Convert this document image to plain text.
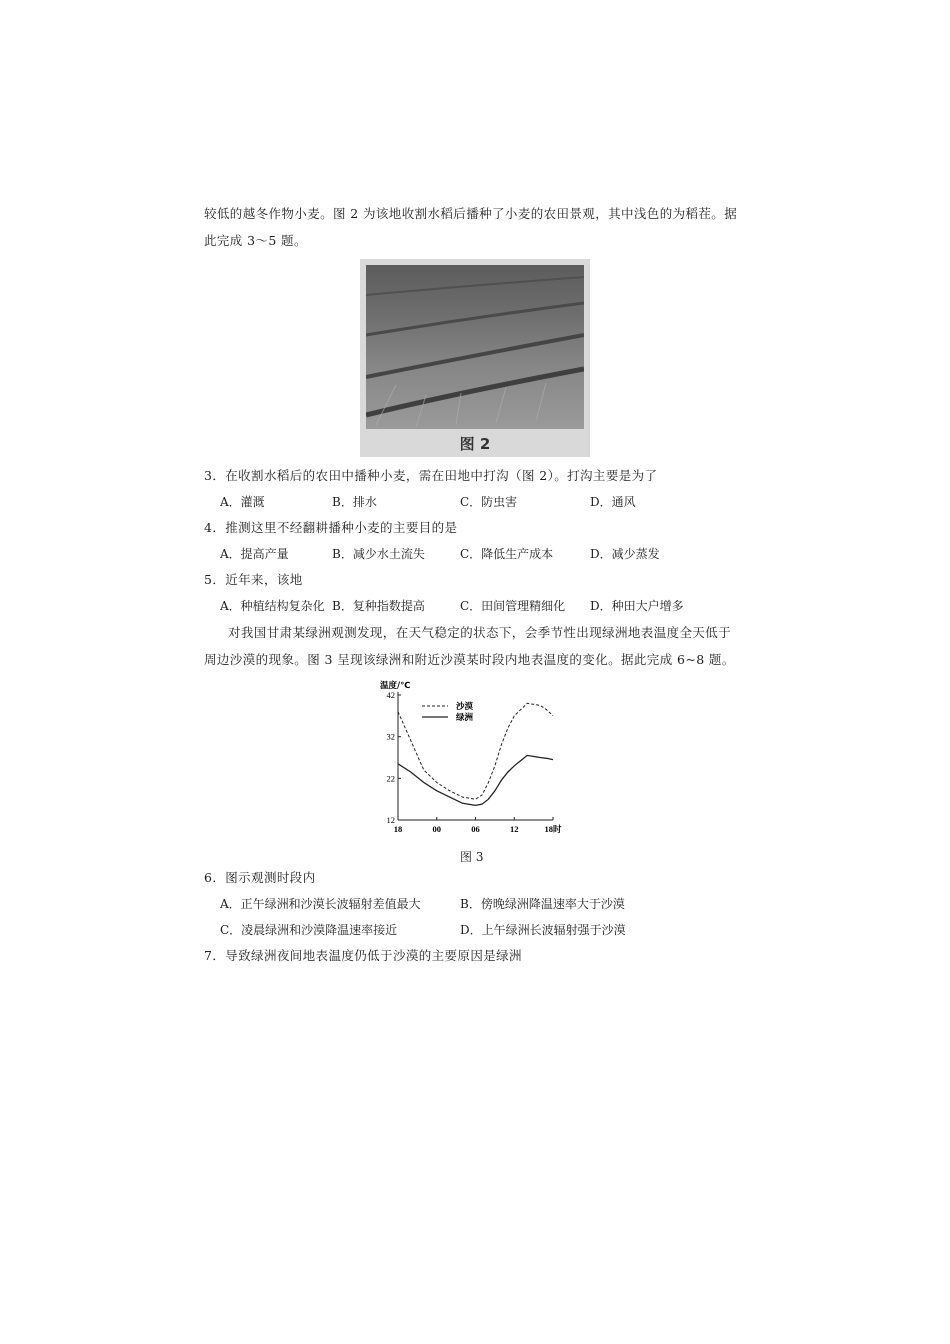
较低的越冬作物小麦。图 2 为该地收割水稻后播种了小麦的农田景观，其中浅色的为稻茬。据
此完成 3～5 题。
图 2
3．在收割水稻后的农田中播种小麦，需在田地中打沟（图 2）。打沟主要是为了
A．灌溉	B．排水	C．防虫害	D．通风
4．推测这里不经翻耕播种小麦的主要目的是
A．提高产量	B．减少水土流失	C．降低生产成本	D．减少蒸发
5．近年来，该地
A．种植结构复杂化 B．复种指数提高	C．田间管理精细化 D．种田大户增多
对我国甘肃某绿洲观测发现，在天气稳定的状态下，会季节性出现绿洲地表温度全天低于
周边沙漠的现象。图 3 呈现该绿洲和附近沙漠某时段内地表温度的变化。据此完成 6~8 题。
12
22
32
42
18	00	06	12	18时
温度/℃
沙漠
绿洲
图 3
6．图示观测时段内
A．正午绿洲和沙漠长波辐射差值最大	B．傍晚绿洲降温速率大于沙漠
C．凌晨绿洲和沙漠降温速率接近	D．上午绿洲长波辐射强于沙漠
7．导致绿洲夜间地表温度仍低于沙漠的主要原因是绿洲
